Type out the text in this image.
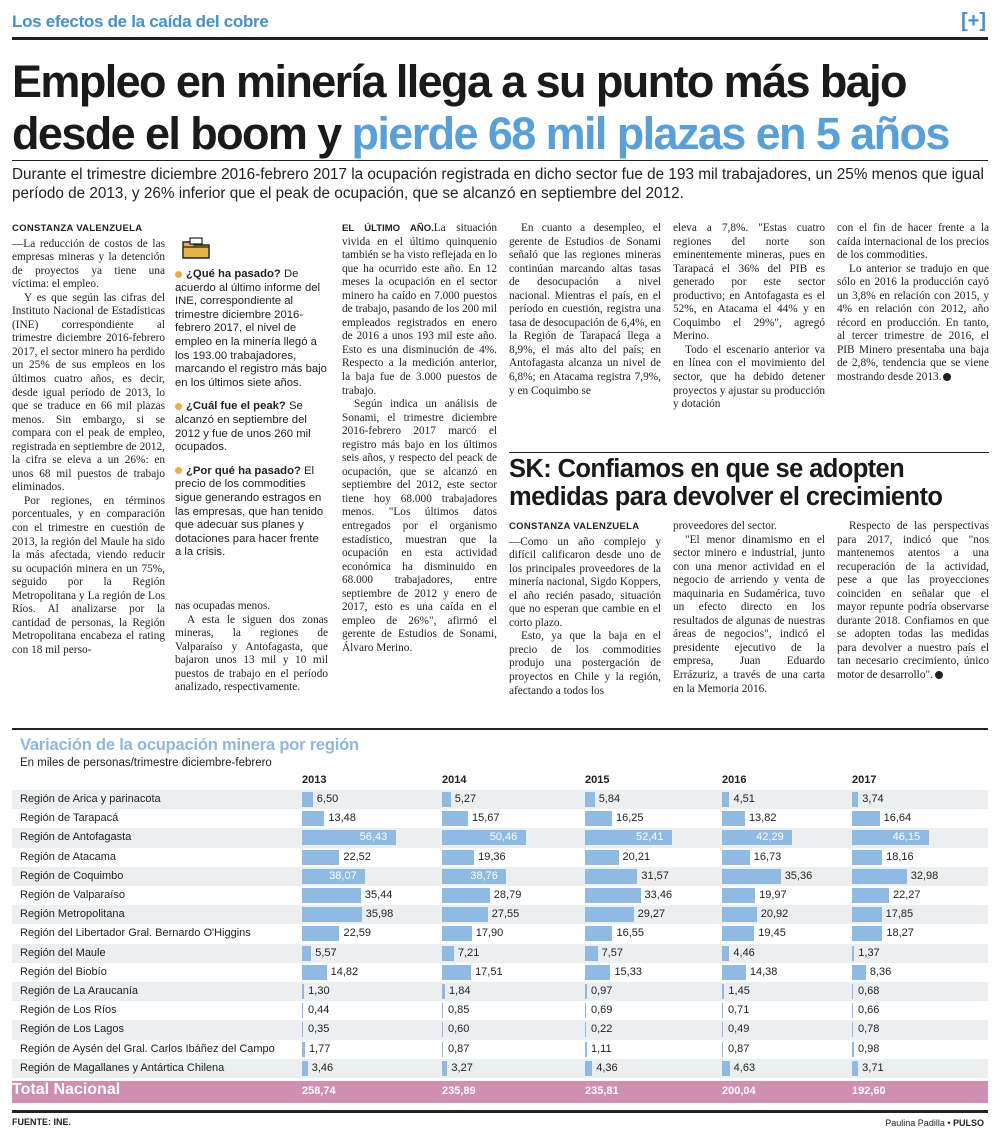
Los efectos de la caída del cobre	[+]
Empleo en minería llega a su punto más bajo desde el boom y pierde 68 mil plazas en 5 años
Durante el trimestre diciembre 2016-febrero 2017 la ocupación registrada en dicho sector fue de 193 mil trabajadores, un 25% menos que igual período de 2013, y 26% inferior que el peak de ocupación, que se alcanzó en septiembre del 2012.

CONSTANZA VALENZUELA

—La reducción de costos de las empresas mineras y la detención de proyectos ya tiene una víctima: el empleo.

Y es que según las cifras del Instituto Nacional de Estadísticas (INE) correspondiente al trimestre diciembre 2016-febrero 2017, el sector minero ha perdido un 25% de sus empleos en los últimos cuatro años, es decir, desde igual período de 2013, lo que se traduce en 66 mil plazas menos. Sin embargo, si se compara con el peak de empleo, registrada en septiembre de 2012, la cifra se eleva a un 26%: en unos 68 mil puestos de trabajo eliminados.

Por regiones, en términos porcentuales, y en comparación con el trimestre en cuestión de 2013, la región del Maule ha sido la más afectada, viendo reducir su ocupación minera en un 75%, seguido por la Región Metropolitana y La región de Los Ríos. Al analizarse por la cantidad de personas, la Región Metropolitana encabeza el rating con 18 mil perso-

¿Qué ha pasado? De acuerdo al último informe del INE, correspondiente al trimestre diciembre 2016-febrero 2017, el nivel de empleo en la minería llegó a los 193.00 trabajadores, marcando el registro más bajo en los últimos siete años.
¿Cuál fue el peak? Se alcanzó en septiembre del 2012 y fue de unos 260 mil ocupados.
¿Por qué ha pasado? El precio de los commodities sigue generando estragos en las empresas, que han tenido que adecuar sus planes y dotaciones para hacer frente a la crisis.

nas ocupadas menos.

A esta le siguen dos zonas mineras, la regiones de Valparaíso y Antofagasta, que bajaron unos 13 mil y 10 mil puestos de trabajo en el período analizado, respectivamente.

EL ÚLTIMO AÑO.La situación vivida en el último quinquenio también se ha visto reflejada en lo que ha ocurrido este año. En 12 meses la ocupación en el sector minero ha caído en 7.000 puestos de trabajo, pasando de los 200 mil empleados registrados en enero de 2016 a unos 193 mil este año. Esto es una disminución de 4%. Respecto a la medición anterior, la baja fue de 3.000 puestos de trabajo.

Según indica un análisis de Sonami, el trimestre diciembre 2016-febrero 2017 marcó el registro más bajo en los últimos seis años, y respecto del peack de ocupación, que se alcanzó en septiembre del 2012, este sector tiene hoy 68.000 trabajadores menos. "Los últimos datos entregados por el organismo estadístico, muestran que la ocupación en esta actividad económica ha disminuido en 68.000 trabajadores, entre septiembre de 2012 y enero de 2017, esto es una caída en el empleo de 26%", afirmó el gerente de Estudios de Sonami, Álvaro Merino.

En cuanto a desempleo, el gerente de Estudios de Sonami señaló que las regiones mineras continúan marcando altas tasas de desocupación a nivel nacional. Mientras el país, en el período en cuestión, registra una tasa de desocupación de 6,4%, en la Región de Tarapacá llega a 8,9%, el más alto del país; en Antofagasta alcanza un nivel de 6,8%; en Atacama registra 7,9%, y en Coquimbo se

eleva a 7,8%. "Estas cuatro regiones del norte son eminentemente mineras, pues en Tarapacá el 36% del PIB es generado por este sector productivo; en Antofagasta es el 52%, en Atacama el 44% y en Coquimbo el 29%", agregó Merino.

Todo el escenario anterior va en línea con el movimiento del sector, que ha debido detener proyectos y ajustar su producción y dotación

con el fin de hacer frente a la caída internacional de los precios de los commodities.

Lo anterior se tradujo en que sólo en 2016 la producción cayó un 3,8% en relación con 2015, y 4% en relación con 2012, año récord en producción. En tanto, al tercer trimestre de 2016, el PIB Minero presentaba una baja de 2,8%, tendencia que se viene mostrando desde 2013.

SK: Confiamos en que se adopten medidas para devolver el crecimiento

CONSTANZA VALENZUELA

—Como un año complejo y difícil calificaron desde uno de los principales proveedores de la minería nacional, Sigdo Koppers, el año recién pasado, situación que no esperan que cambie en el corto plazo.

Esto, ya que la baja en el precio de los commodities produjo una postergación de proyectos en Chile y la región, afectando a todos los

proveedores del sector.

"El menor dinamismo en el sector minero e industrial, junto con una menor actividad en el negocio de arriendo y venta de maquinaria en Sudamérica, tuvo un efecto directo en los resultados de algunas de nuestras áreas de negocios", indicó el presidente ejecutivo de la empresa, Juan Eduardo Errázuriz, a través de una carta en la Memoria 2016.

Respecto de las perspectivas para 2017, indicó que "nos mantenemos atentos a una recuperación de la actividad, pese a que las proyecciones coinciden en señalar que el mayor repunte podría observarse durante 2018. Confiamos en que se adopten todas las medidas para devolver a nuestro país el tan necesario crecimiento, único motor de desarrollo".

Variación de la ocupación minera por región
En miles de personas/trimestre diciembre-febrero
2013	2014	2015	2016	2017
Región de Arica y parinacota	6,50	5,27	5,84	4,51	3,74
Región de Tarapacá	13,48	15,67	16,25	13,82	16,64
Región de Antofagasta	56,43	50,46	52,41	42,29	46,15
Región de Atacama	22,52	19,36	20,21	16,73	18,16
Región de Coquimbo	38,07	38,76	31,57	35,36	32,98
Región de Valparaíso	35,44	28,79	33,46	19,97	22,27
Región Metropolitana	35,98	27,55	29,27	20,92	17,85
Región del Libertador Gral. Bernardo O'Higgins	22,59	17,90	16,55	19,45	18,27
Región del Maule	5,57	7,21	7,57	4,46	1,37
Región del Biobío	14,82	17,51	15,33	14,38	8,36
Región de La Araucanía	1,30	1,84	0,97	1,45	0,68
Región de Los Ríos	0,44	0,85	0,69	0,71	0,66
Región de Los Lagos	0,35	0,60	0,22	0,49	0,78
Región de Aysén del Gral. Carlos Ibáñez del Campo	1,77	0,87	1,11	0,87	0,98
Región de Magallanes y Antártica Chilena	3,46	3,27	4,36	4,63	3,71
Total Nacional	258,74	235,89	235,81	200,04	192,60
FUENTE: INE.	Paulina Padilla • PULSO
